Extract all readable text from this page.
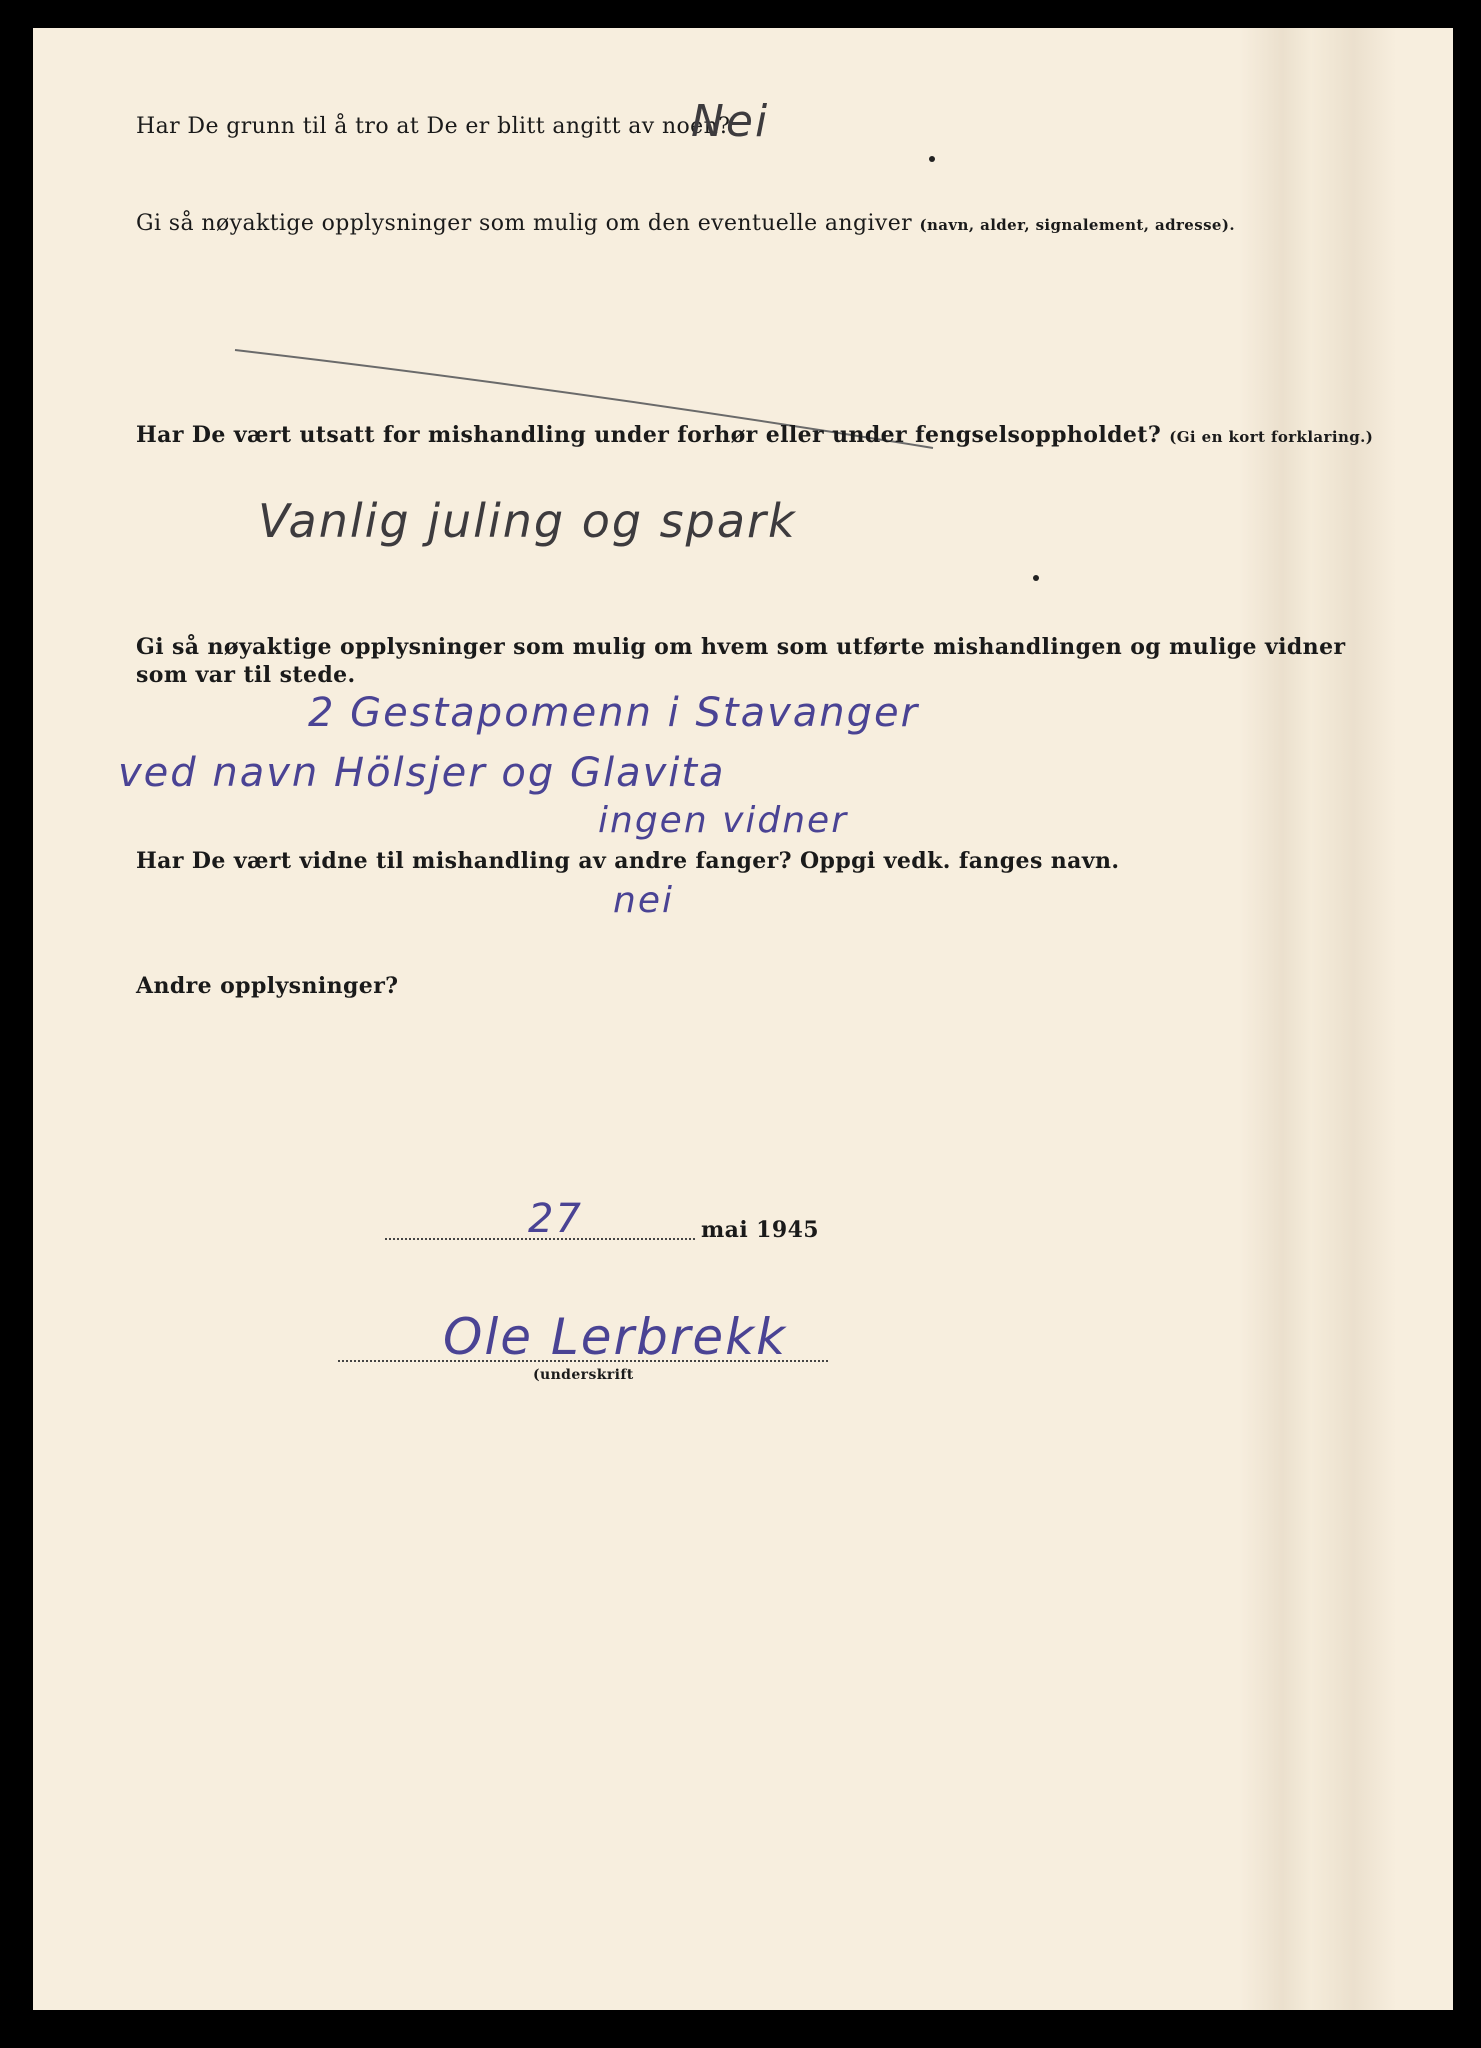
Har De grunn til å tro at De er blitt angitt av noen?
Nei
Gi så nøyaktige opplysninger som mulig om den eventuelle angiver (navn, alder, signalement, adresse).
Har De vært utsatt for mishandling under forhør eller under fengselsoppholdet? (Gi en kort forklaring.)
Vanlig juling og spark
Gi så nøyaktige opplysninger som mulig om hvem som utførte mishandlingen og mulige vidner
som var til stede.
2 Gestapomenn i Stavanger
ved navn Hölsjer og Glavita
ingen vidner
Har De vært vidne til mishandling av andre fanger? Oppgi vedk. fanges navn.
nei
Andre opplysninger?
27	mai 1945
Ole Lerbrekk
(underskrift
